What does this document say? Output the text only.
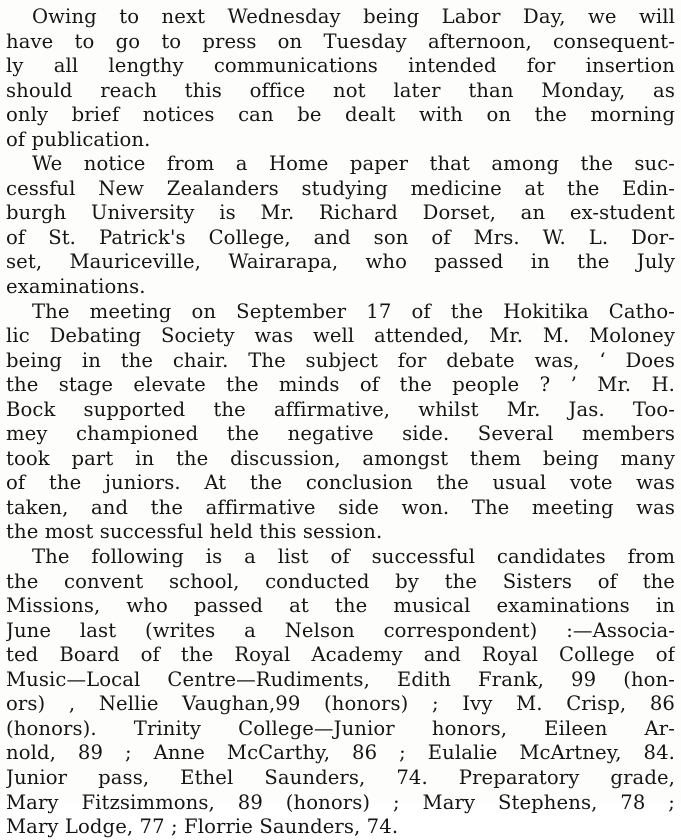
Owing to next Wednesday being Labor Day, we will
have to go to press on Tuesday afternoon, consequent-
ly all lengthy communications intended for insertion
should reach this office not later than Monday, as
only brief notices can be dealt with on the morning
of publication.
We notice from a Home paper that among the suc-
cessful New Zealanders studying medicine at the Edin-
burgh University is Mr. Richard Dorset, an ex-student
of St. Patrick's College, and son of Mrs. W. L. Dor-
set, Mauriceville, Wairarapa, who passed in the July
examinations.
The meeting on September 17 of the Hokitika Catho-
lic Debating Society was well attended, Mr. M. Moloney
being in the chair. The subject for debate was, ‘ Does
the stage elevate the minds of the people ? ’ Mr. H.
Bock supported the affirmative, whilst Mr. Jas. Too-
mey championed the negative side. Several members
took part in the discussion, amongst them being many
of the juniors. At the conclusion the usual vote was
taken, and the affirmative side won. The meeting was
the most successful held this session.
The following is a list of successful candidates from
the convent school, conducted by the Sisters of the
Missions, who passed at the musical examinations in
June last (writes a Nelson correspondent) :—Associa-
ted Board of the Royal Academy and Royal College of
Music—Local Centre—Rudiments, Edith Frank, 99 (hon-
ors) , Nellie Vaughan,99 (honors) ; Ivy M. Crisp, 86
(honors). Trinity College—Junior honors, Eileen Ar-
nold, 89 ; Anne McCarthy, 86 ; Eulalie McArtney, 84.
Junior pass, Ethel Saunders, 74. Preparatory grade,
Mary Fitzsimmons, 89 (honors) ; Mary Stephens, 78 ;
Mary Lodge, 77 ; Florrie Saunders, 74.
